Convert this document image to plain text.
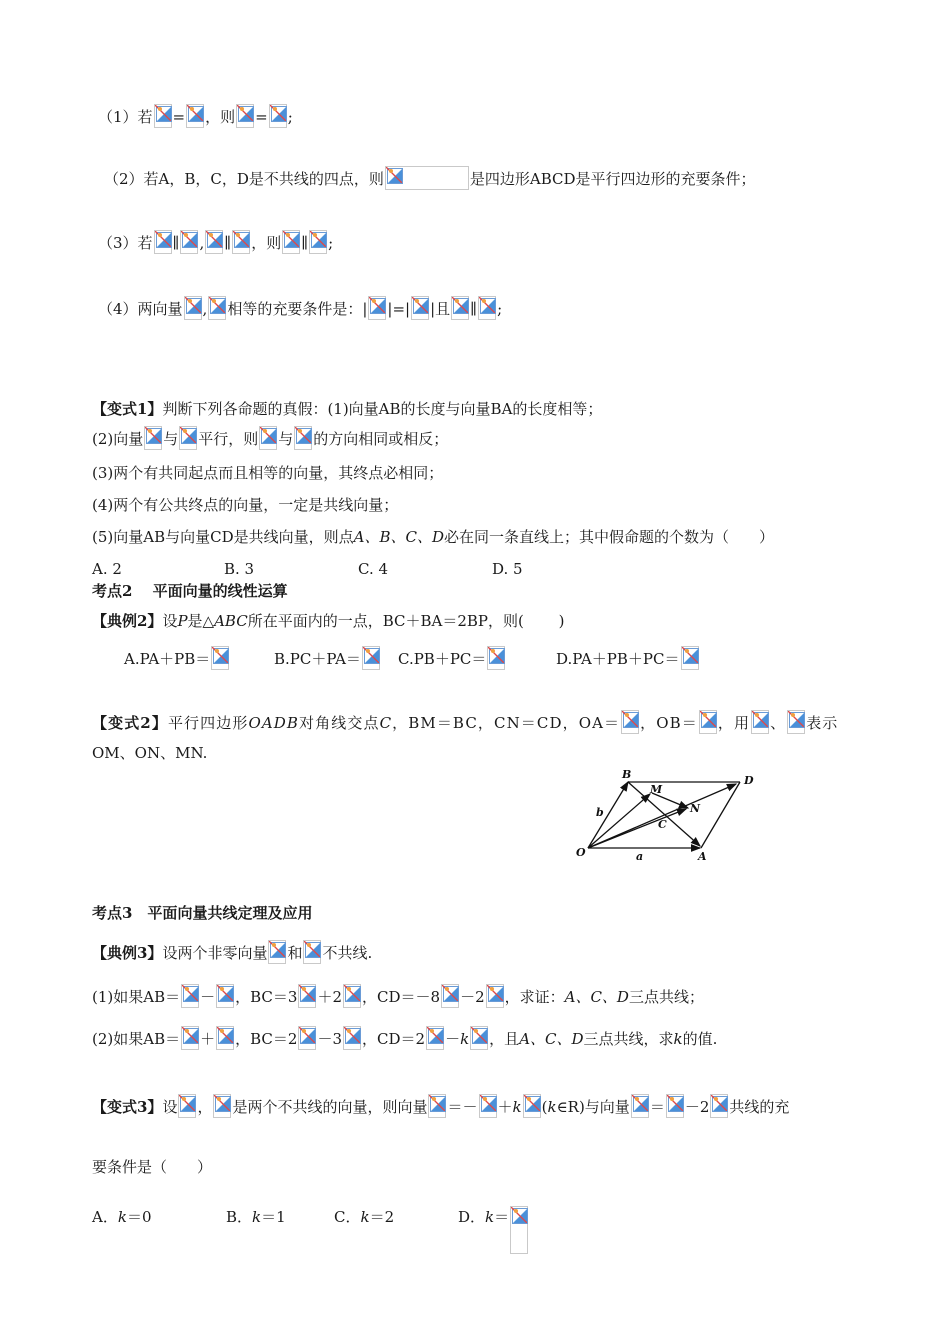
（1）若 = ，则 = ;
（2）若A，B，C，D是不共线的四点，则	是四边形ABCD是平行四边形的充要条件；
（3）若 ∥ , ∥ ，则 ∥ ;
（4）两向量 , 相等的充要条件是：| |=| |且 ∥ ;
【变式1】判断下列各命题的真假：(1)向量AB的长度与向量BA的长度相等；
(2)向量 与 平行，则 与 的方向相同或相反；
(3)两个有共同起点而且相等的向量，其终点必相同；
(4)两个有公共终点的向量，一定是共线向量；
(5)向量AB与向量CD是共线向量，则点A、B、C、D必在同一条直线上；其中假命题的个数为（　　）
A. 2	B. 3	C. 4	D. 5
考点2　 平面向量的线性运算
【典例2】设P是△ABC所在平面内的一点，BC＋BA＝2BP，则(　　 )
A.PA＋PB＝	B.PC＋PA＝	C.PB＋PC＝	D.PA＋PB＋PC＝
【变式2】平行四边形OADB对角线交点C，BM＝BC，CN＝CD，OA＝ ，OB＝ ，用 、 表示
OM、ON、MN.
B	D
M
N
C
O	A
a
b
考点3　平面向量共线定理及应用
【典例3】设两个非零向量 和 不共线.
(1)如果AB＝ － ，BC＝3 ＋2 ，CD＝－8 －2 ，求证：A、C、D三点共线；
(2)如果AB＝ ＋ ，BC＝2 －3 ，CD＝2 －k ，且A、C、D三点共线，求k的值.
【变式3】设 ， 是两个不共线的向量，则向量 ＝－ ＋k (k∈R)与向量 ＝ －2 共线的充
要条件是（　　）
A．k＝0	B．k＝1	C．k＝2	D．k＝
